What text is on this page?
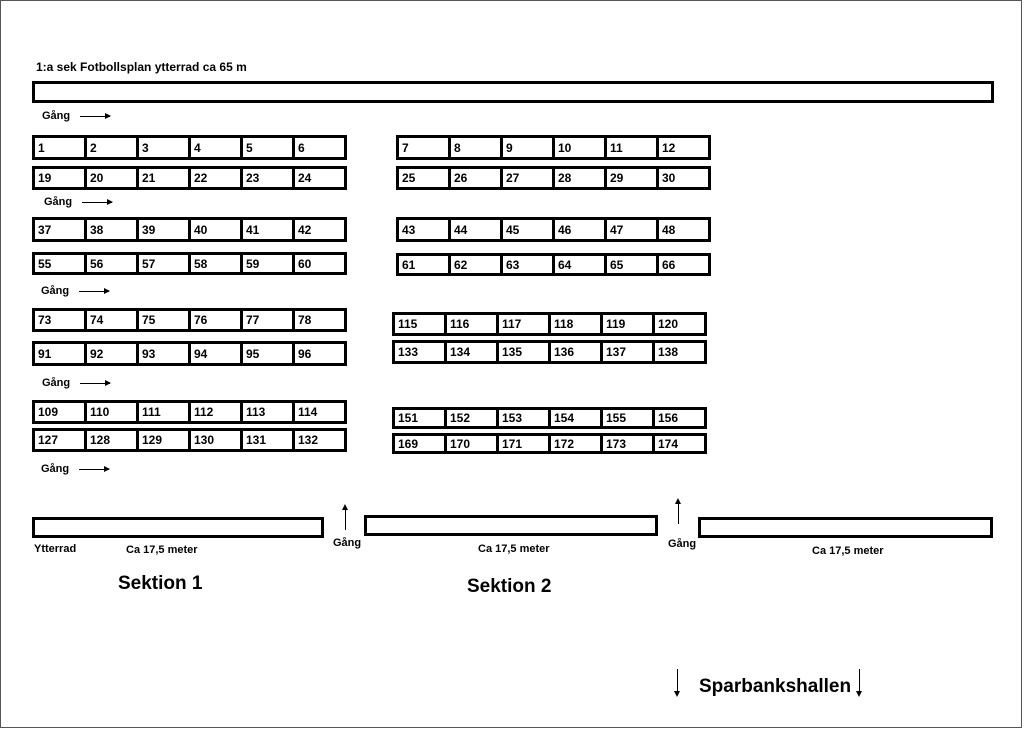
1:a sek Fotbollsplan ytterrad ca 65 m
Gång
Gång
Gång
Gång
Gång
1	2	3	4	5	6
19	20	21	22	23	24
37	38	39	40	41	42
55	56	57	58	59	60
73	74	75	76	77	78
91	92	93	94	95	96
109	110	111	112	113	114
127	128	129	130	131	132
7	8	9	10	11	12
25	26	27	28	29	30
43	44	45	46	47	48
61	62	63	64	65	66
115	116	117	118	119	120
133	134	135	136	137	138
151	152	153	154	155	156
169	170	171	172	173	174
Ytterrad	Ca 17,5 meter	Ca 17,5 meter	Ca 17,5 meter
Gång	Gång
Sektion 1	Sektion 2
Sparbankshallen
